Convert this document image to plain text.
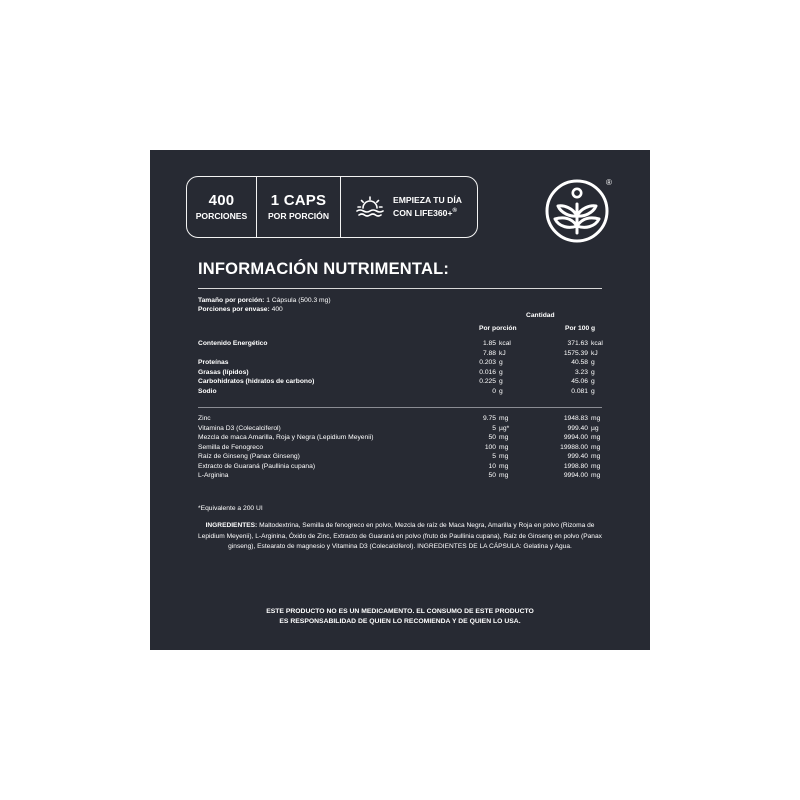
400
PORCIONES
1 CAPS
POR PORCIÓN
EMPIEZA TU DÍA
CON LIFE360+®
®
INFORMACIÓN NUTRIMENTAL:
Tamaño por porción: 1 Cápsula (500.3 mg)
Porciones por envase: 400
Cantidad
Por porción	Por 100 g
Contenido Energético	1.85 kcal	371.63 kcal
7.88 kJ	1575.39 kJ
Proteínas	0.203 g	40.58 g
Grasas (lípidos)	0.016 g	3.23 g
Carbohidratos (hidratos de carbono)	0.225 g	45.06 g
Sodio	0 g	0.081 g
Zinc	9.75 mg	1948.83 mg
Vitamina D3 (Colecalciferol)	5 µg*	999.40 µg
Mezcla de maca Amarilla, Roja y Negra (Lepidium Meyenii)	50 mg	9994.00 mg
Semilla de Fenogreco	100 mg	19988.00 mg
Raíz de Ginseng (Panax Ginseng)	5 mg	999.40 mg
Extracto de Guaraná (Paullinia cupana)	10 mg	1998.80 mg
L-Arginina	50 mg	9994.00 mg
*Equivalente a 200 UI
INGREDIENTES: Maltodextrina, Semilla de fenogreco en polvo, Mezcla de raíz de Maca Negra, Amarilla y Roja en polvo (Rizoma de Lepidium Meyenii), L-Arginina, Óxido de Zinc, Extracto de Guaraná en polvo (fruto de Paullinia cupana), Raíz de Ginseng en polvo (Panax ginseng), Estearato de magnesio y Vitamina D3 (Colecalciferol). INGREDIENTES DE LA CÁPSULA: Gelatina y Agua.
ESTE PRODUCTO NO ES UN MEDICAMENTO. EL CONSUMO DE ESTE PRODUCTO
ES RESPONSABILIDAD DE QUIEN LO RECOMIENDA Y DE QUIEN LO USA.
